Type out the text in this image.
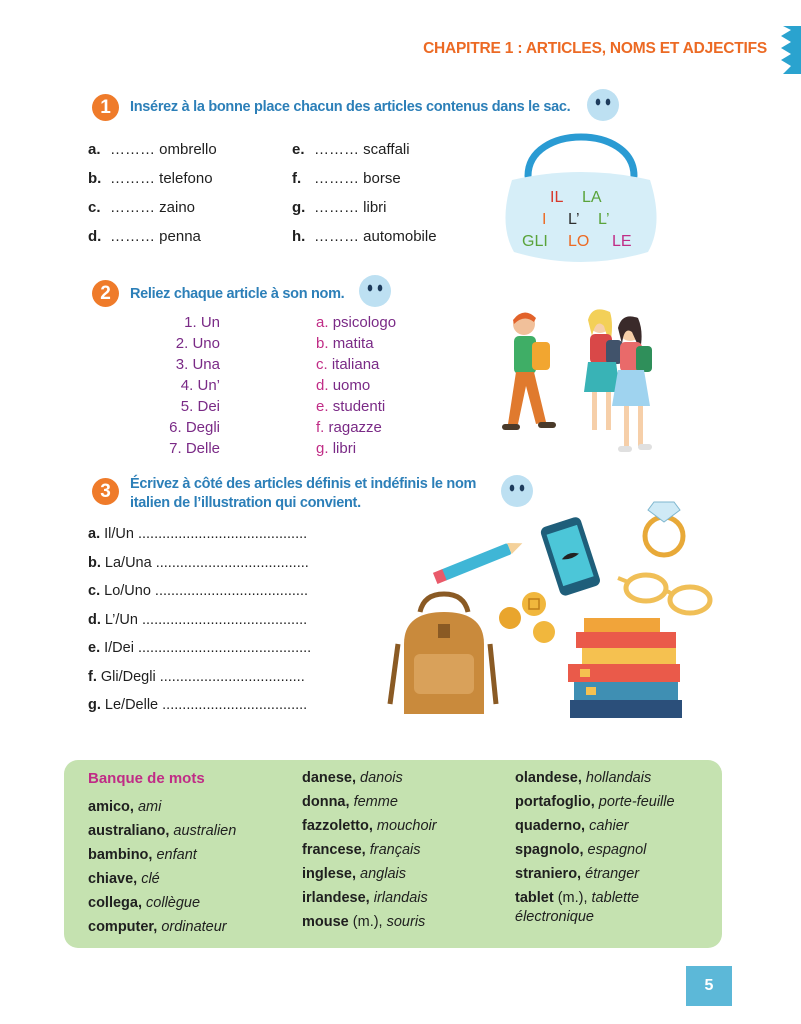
CHAPITRE 1 : ARTICLES, NOMS ET ADJECTIFS
1	Insérez à la bonne place chacun des articles contenus dans le sac.
a. ……… ombrello
b. ……… telefono
c. ……… zaino
d. ……… penna
e. ……… scaffali
f. ……… borse
g. ……… libri
h. ……… automobile
IL LA
I L’ L’
GLI LO LE
2	Reliez chaque article à son nom.
1. Un
2. Uno
3. Una
4. Un’
5. Dei
6. Degli
7. Delle
a. psicologo
b. matita
c. italiana
d. uomo
e. studenti
f. ragazze
g. libri
3	Écrivez à côté des articles définis et indéfinis le nom
italien de l’illustration qui convient.
a. Il/Un ..........................................
b. La/Una ......................................
c. Lo/Uno ......................................
d. L’/Un .........................................
e. I/Dei ...........................................
f. Gli/Degli ....................................
g. Le/Delle ....................................
Banque de mots
amico, ami
australiano, australien
bambino, enfant
chiave, clé
collega, collègue
computer, ordinateur
danese, danois
donna, femme
fazzoletto, mouchoir
francese, français
inglese, anglais
irlandese, irlandais
mouse (m.), souris
olandese, hollandais
portafoglio, porte-feuille
quaderno, cahier
spagnolo, espagnol
straniero, étranger
tablet (m.), tablette
électronique
5
